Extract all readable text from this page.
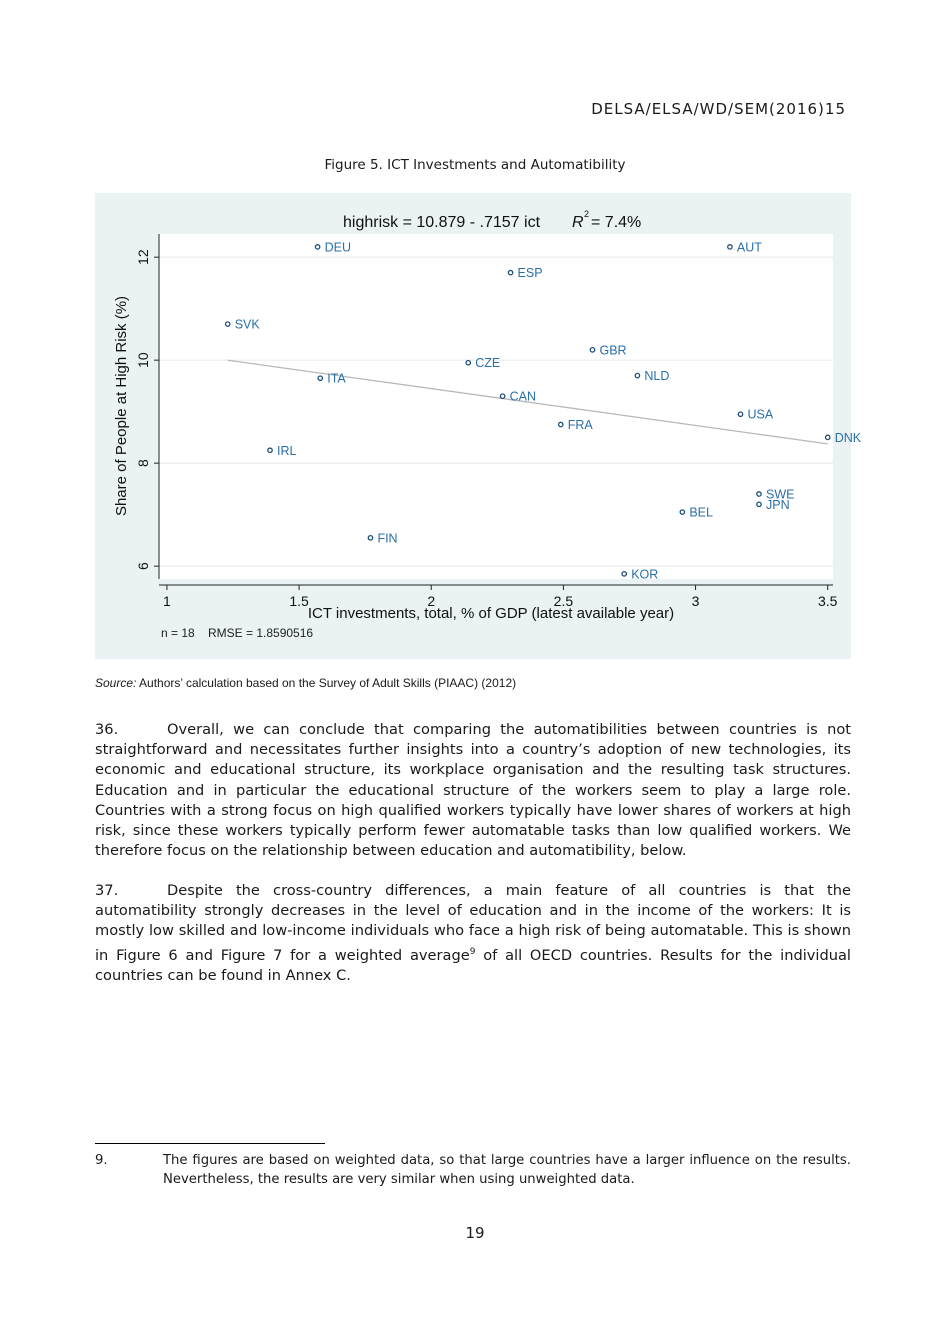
DELSA/ELSA/WD/SEM(2016)15
Figure 5. ICT Investments and Automatibility
highrisk = 10.879 - .7157 ict R 2 = 7.4%
6
8
10
12
1	1.5	2	2.5	3	3.5
DEU	AUT
ESP
SVK
GBR
CZE
ITA	NLD
CAN
USA
FRA
DNK
IRL
SWE
JPN
BEL
FIN
KOR
ICT investments, total, % of GDP (latest available year)
Share of People at High Risk (%)
n = 18 RMSE = 1.8590516
Source: Authors’ calculation based on the Survey of Adult Skills (PIAAC) (2012)

36.	Overall, we can conclude that comparing the automatibilities between countries is not straightforward and necessitates further insights into a country’s adoption of new technologies, its economic and educational structure, its workplace organisation and the resulting task structures. Education and in particular the educational structure of the workers seem to play a large role. Countries with a strong focus on high qualified workers typically have lower shares of workers at high risk, since these workers typically perform fewer automatable tasks than low qualified workers. We therefore focus on the relationship between education and automatibility, below.

37.	Despite the cross-country differences, a main feature of all countries is that the automatibility strongly decreases in the level of education and in the income of the workers: It is mostly low skilled and low-income individuals who face a high risk of being automatable. This is shown in Figure 6 and Figure 7 for a weighted average$^9$ of all OECD countries. Results for the individual countries can be found in Annex C.

9.	The figures are based on weighted data, so that large countries have a larger influence on the results. Nevertheless, the results are very similar when using unweighted data.
19
